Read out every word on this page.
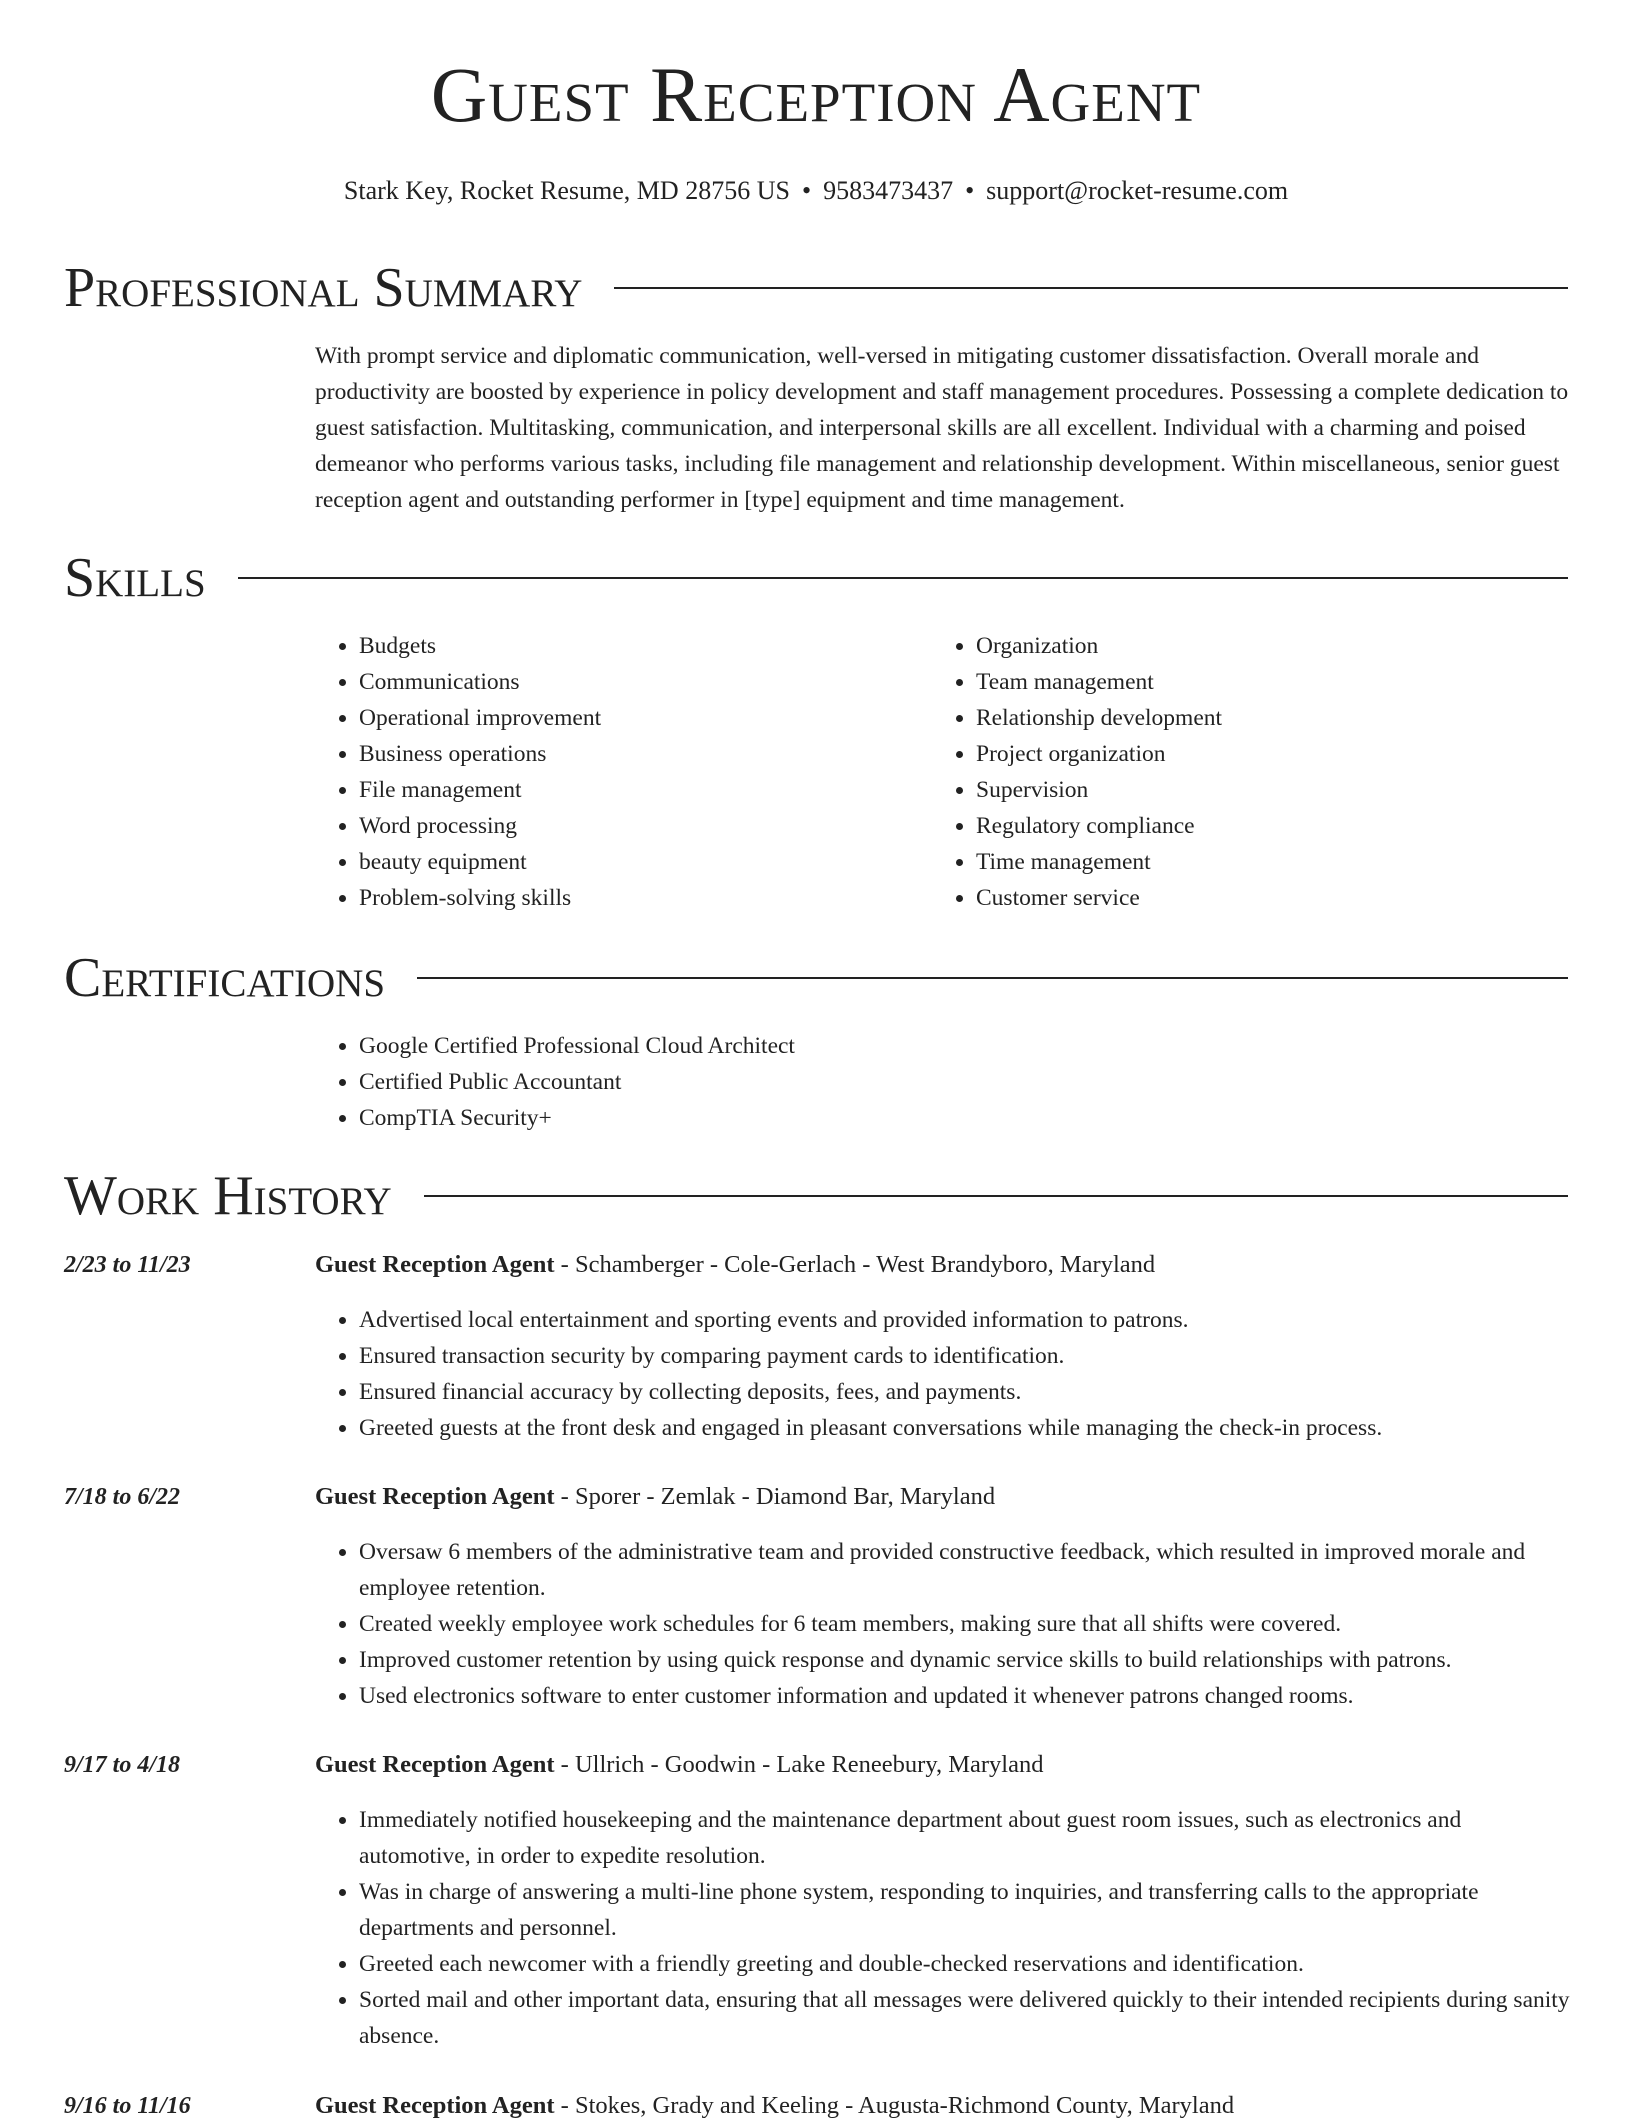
Guest Reception Agent
Stark Key, Rocket Resume, MD 28756 US • 9583473437 • support@rocket-resume.com
Professional Summary
With prompt service and diplomatic communication, well-versed in mitigating customer dissatisfaction. Overall morale and productivity are boosted by experience in policy development and staff management procedures. Possessing a complete dedication to guest satisfaction. Multitasking, communication, and interpersonal skills are all excellent. Individual with a charming and poised demeanor who performs various tasks, including file management and relationship development. Within miscellaneous, senior guest reception agent and outstanding performer in [type] equipment and time management.
Skills
• Budgets
• Communications
• Operational improvement
• Business operations
• File management
• Word processing
• beauty equipment
• Problem-solving skills
• Organization
• Team management
• Relationship development
• Project organization
• Supervision
• Regulatory compliance
• Time management
• Customer service
Certifications
• Google Certified Professional Cloud Architect
• Certified Public Accountant
• CompTIA Security+
Work History
2/23 to 11/23	Guest Reception Agent - Schamberger - Cole-Gerlach - West Brandyboro, Maryland
• Advertised local entertainment and sporting events and provided information to patrons.
• Ensured transaction security by comparing payment cards to identification.
• Ensured financial accuracy by collecting deposits, fees, and payments.
• Greeted guests at the front desk and engaged in pleasant conversations while managing the check-in process.
7/18 to 6/22	Guest Reception Agent - Sporer - Zemlak - Diamond Bar, Maryland
• Oversaw 6 members of the administrative team and provided constructive feedback, which resulted in improved morale and employee retention.
• Created weekly employee work schedules for 6 team members, making sure that all shifts were covered.
• Improved customer retention by using quick response and dynamic service skills to build relationships with patrons.
• Used electronics software to enter customer information and updated it whenever patrons changed rooms.
9/17 to 4/18	Guest Reception Agent - Ullrich - Goodwin - Lake Reneebury, Maryland
• Immediately notified housekeeping and the maintenance department about guest room issues, such as electronics and automotive, in order to expedite resolution.
• Was in charge of answering a multi-line phone system, responding to inquiries, and transferring calls to the appropriate departments and personnel.
• Greeted each newcomer with a friendly greeting and double-checked reservations and identification.
• Sorted mail and other important data, ensuring that all messages were delivered quickly to their intended recipients during sanity absence.
9/16 to 11/16	Guest Reception Agent - Stokes, Grady and Keeling - Augusta-Richmond County, Maryland
